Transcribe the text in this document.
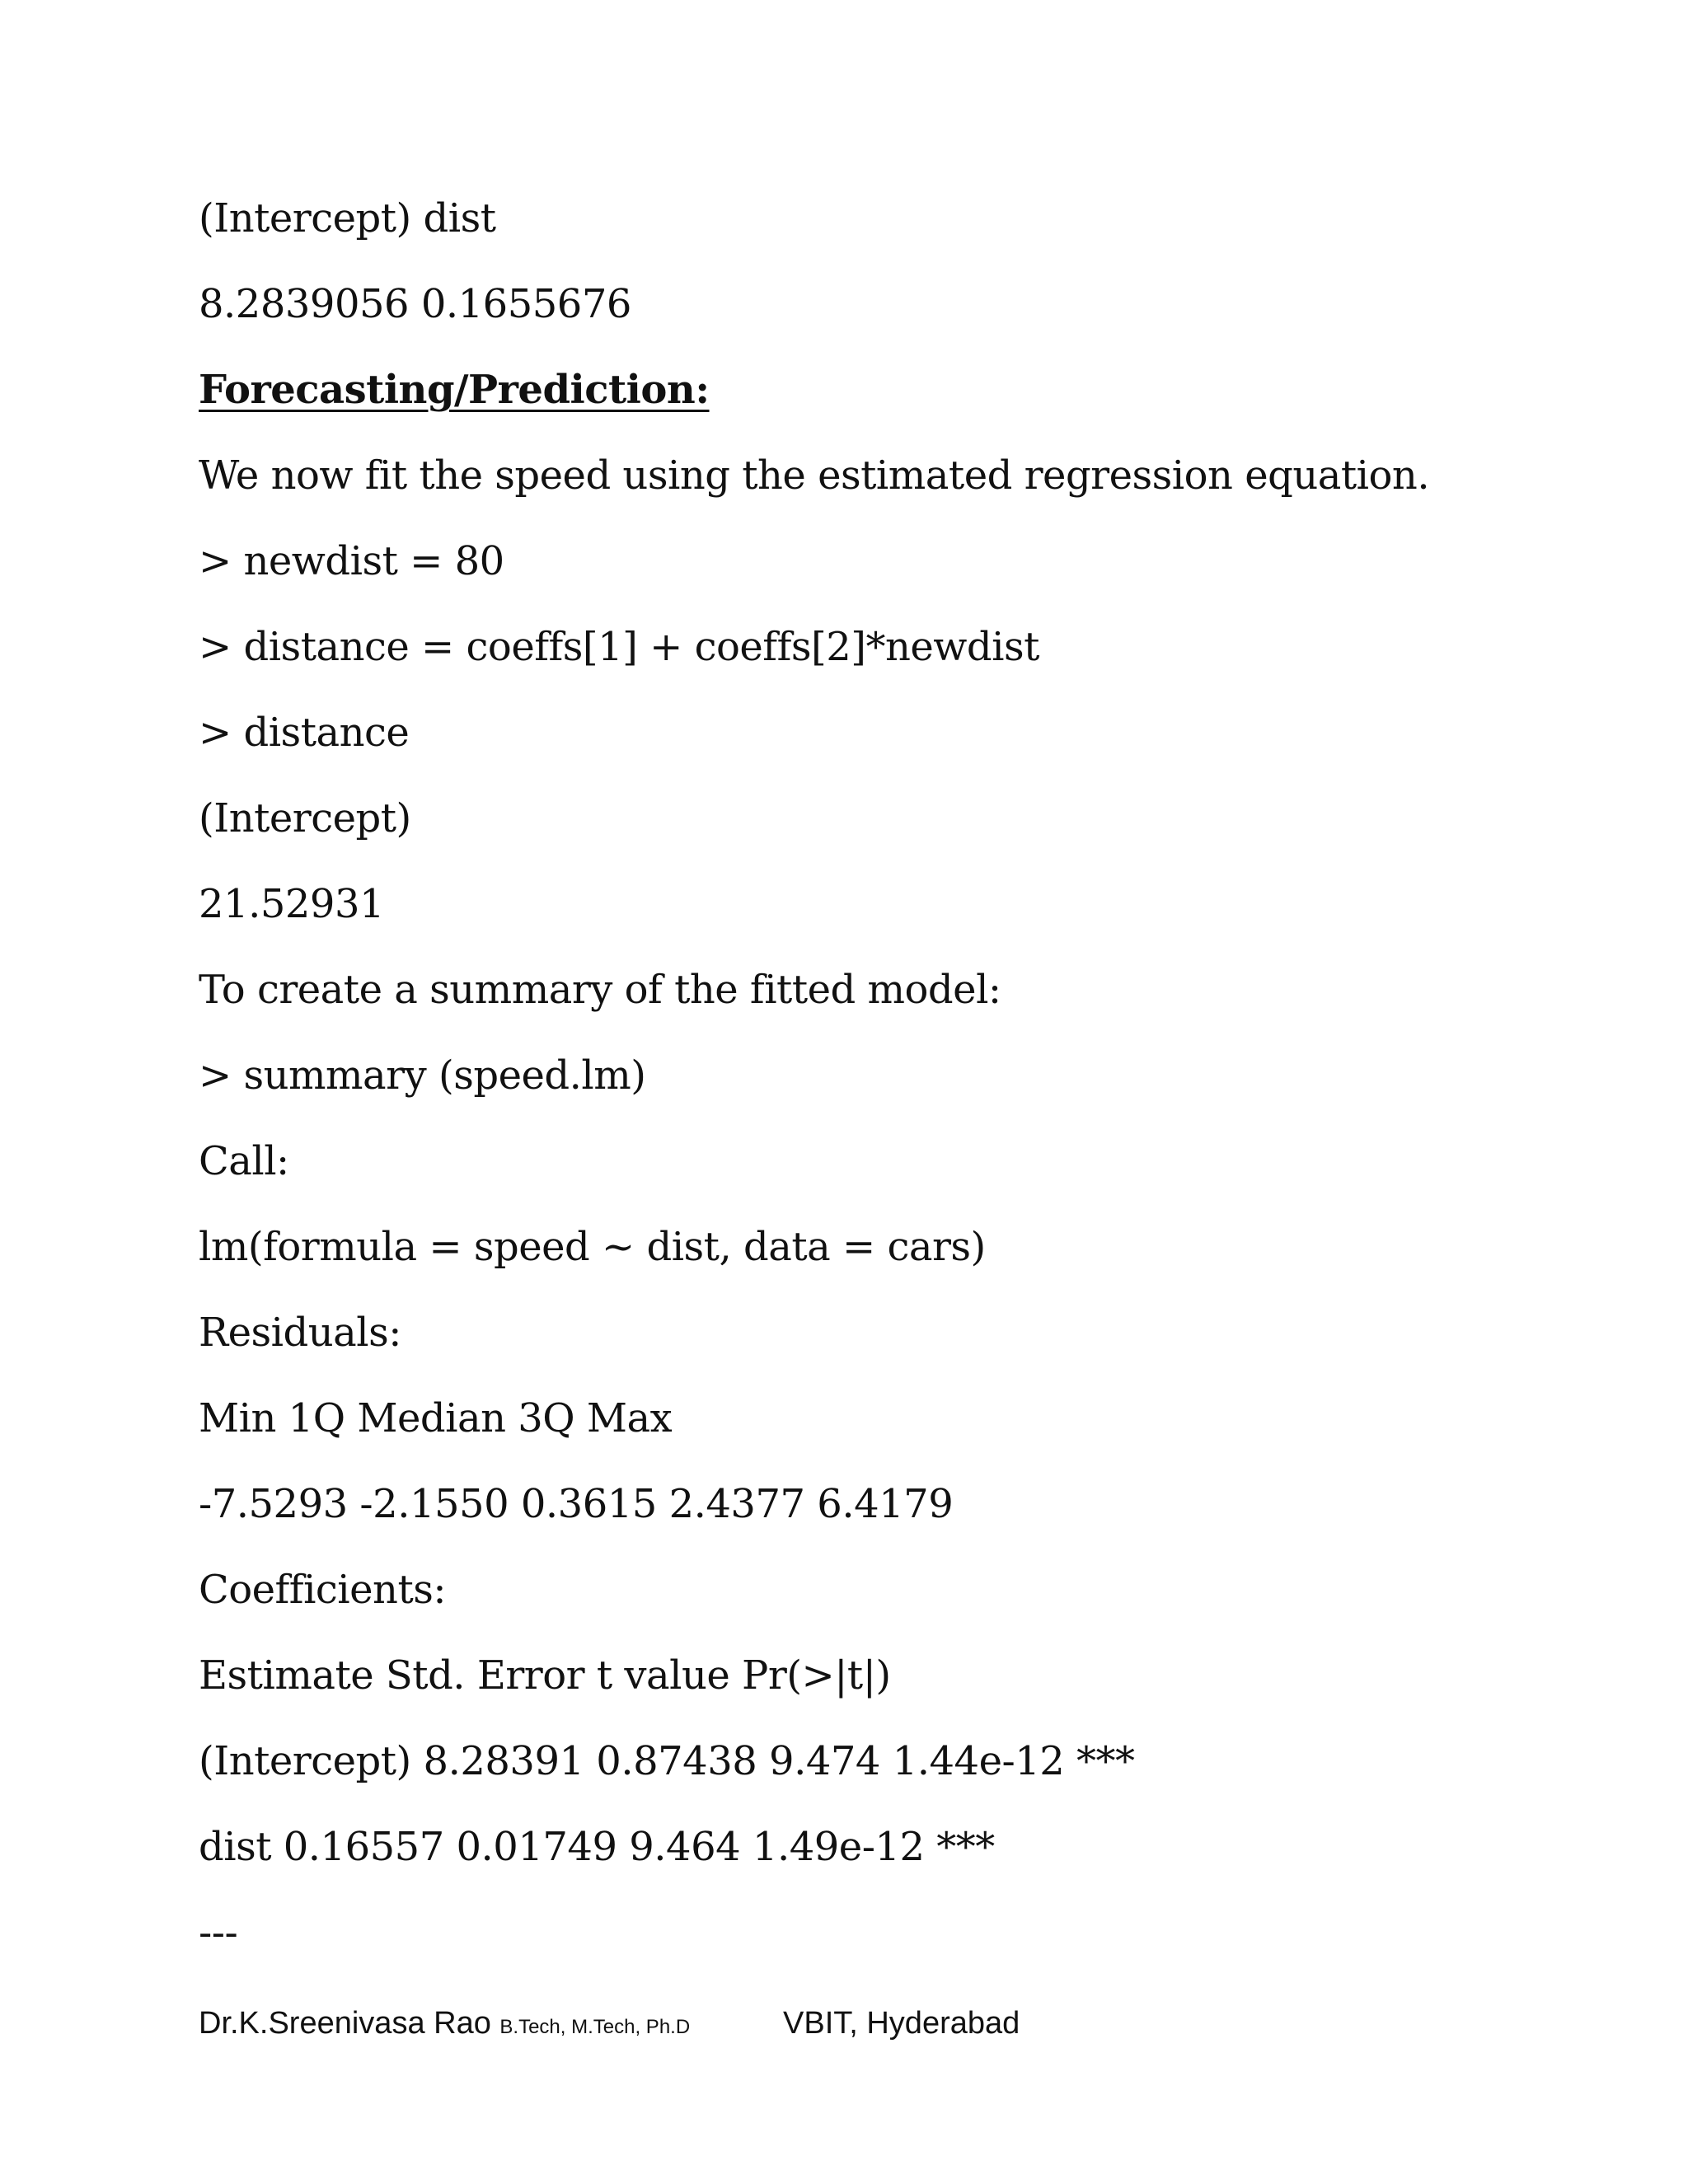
(Intercept) dist

8.2839056 0.1655676

Forecasting/Prediction:

We now fit the speed using the estimated regression equation.

> newdist = 80

> distance = coeffs[1] + coeffs[2]*newdist

> distance

(Intercept)

21.52931

To create a summary of the fitted model:

> summary (speed.lm)

Call:

lm(formula = speed ~ dist, data = cars)

Residuals:

Min 1Q Median 3Q Max

-7.5293 -2.1550 0.3615 2.4377 6.4179

Coefficients:

Estimate Std. Error t value Pr(>|t|)

(Intercept) 8.28391 0.87438 9.474 1.44e-12 ***

dist 0.16557 0.01749 9.464 1.49e-12 ***

---

Dr.K.Sreenivasa Rao B.Tech, M.Tech, Ph.D	VBIT, Hyderabad
